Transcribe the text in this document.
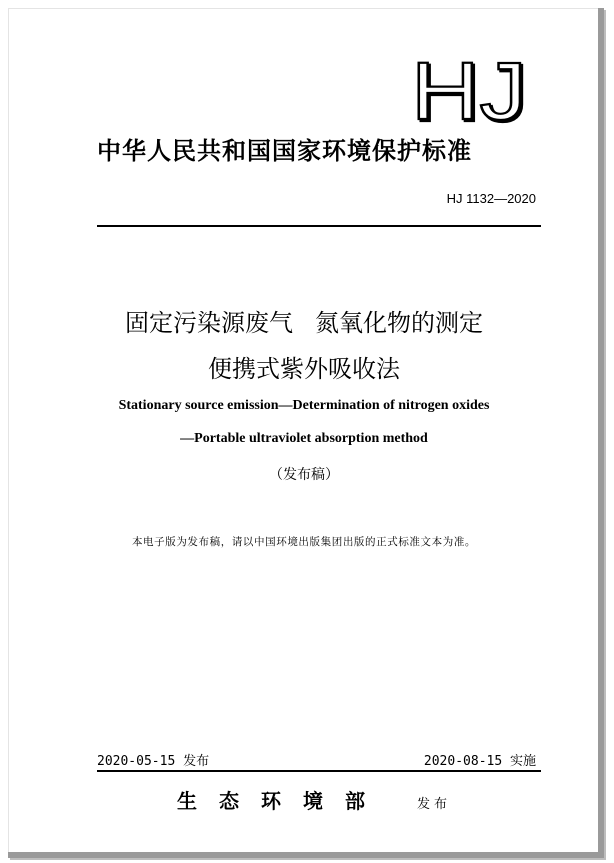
HJ
中华人民共和国国家环境保护标准
HJ 1132—2020
固定污染源废气 氮氧化物的测定
便携式紫外吸收法
Stationary source emission—Determination of nitrogen oxides
—Portable ultraviolet absorption method
（发布稿）
本电子版为发布稿，请以中国环境出版集团出版的正式标准文本为准。
2020-05-15 发布	2020-08-15 实施
生态环境部 发布
